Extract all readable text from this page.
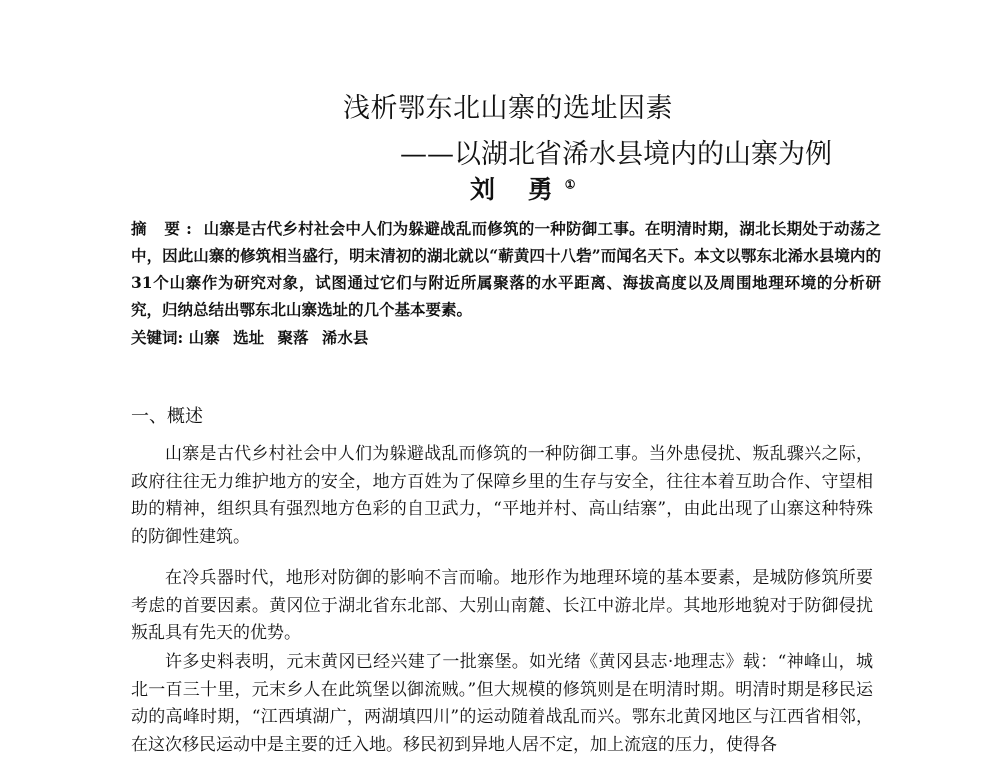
浅析鄂东北山寨的选址因素
——以湖北省浠水县境内的山寨为例
刘 勇①
摘 要: 山寨是古代乡村社会中人们为躲避战乱而修筑的一种防御工事。在明清时期，湖北长期处于动荡之中，因此山寨的修筑相当盛行，明末清初的湖北就以“蕲黄四十八砦”而闻名天下。本文以鄂东北浠水县境内的31个山寨作为研究对象，试图通过它们与附近所属聚落的水平距离、海拔高度以及周围地理环境的分析研究，归纳总结出鄂东北山寨选址的几个基本要素。
关键词: 山寨 选址 聚落 浠水县
一、概述

山寨是古代乡村社会中人们为躲避战乱而修筑的一种防御工事。当外患侵扰、叛乱骤兴之际，政府往往无力维护地方的安全，地方百姓为了保障乡里的生存与安全，往往本着互助合作、守望相助的精神，组织具有强烈地方色彩的自卫武力，“平地并村、高山结寨”，由此出现了山寨这种特殊的防御性建筑。

在冷兵器时代，地形对防御的影响不言而喻。地形作为地理环境的基本要素，是城防修筑所要考虑的首要因素。黄冈位于湖北省东北部、大别山南麓、长江中游北岸。其地形地貌对于防御侵扰叛乱具有先天的优势。

许多史料表明，元末黄冈已经兴建了一批寨堡。如光绪《黄冈县志·地理志》载：“神峰山，城北一百三十里，元末乡人在此筑堡以御流贼。”但大规模的修筑则是在明清时期。明清时期是移民运动的高峰时期，“江西填湖广，两湖填四川”的运动随着战乱而兴。鄂东北黄冈地区与江西省相邻，在这次移民运动中是主要的迁入地。移民初到异地人居不定，加上流寇的压力，使得各
